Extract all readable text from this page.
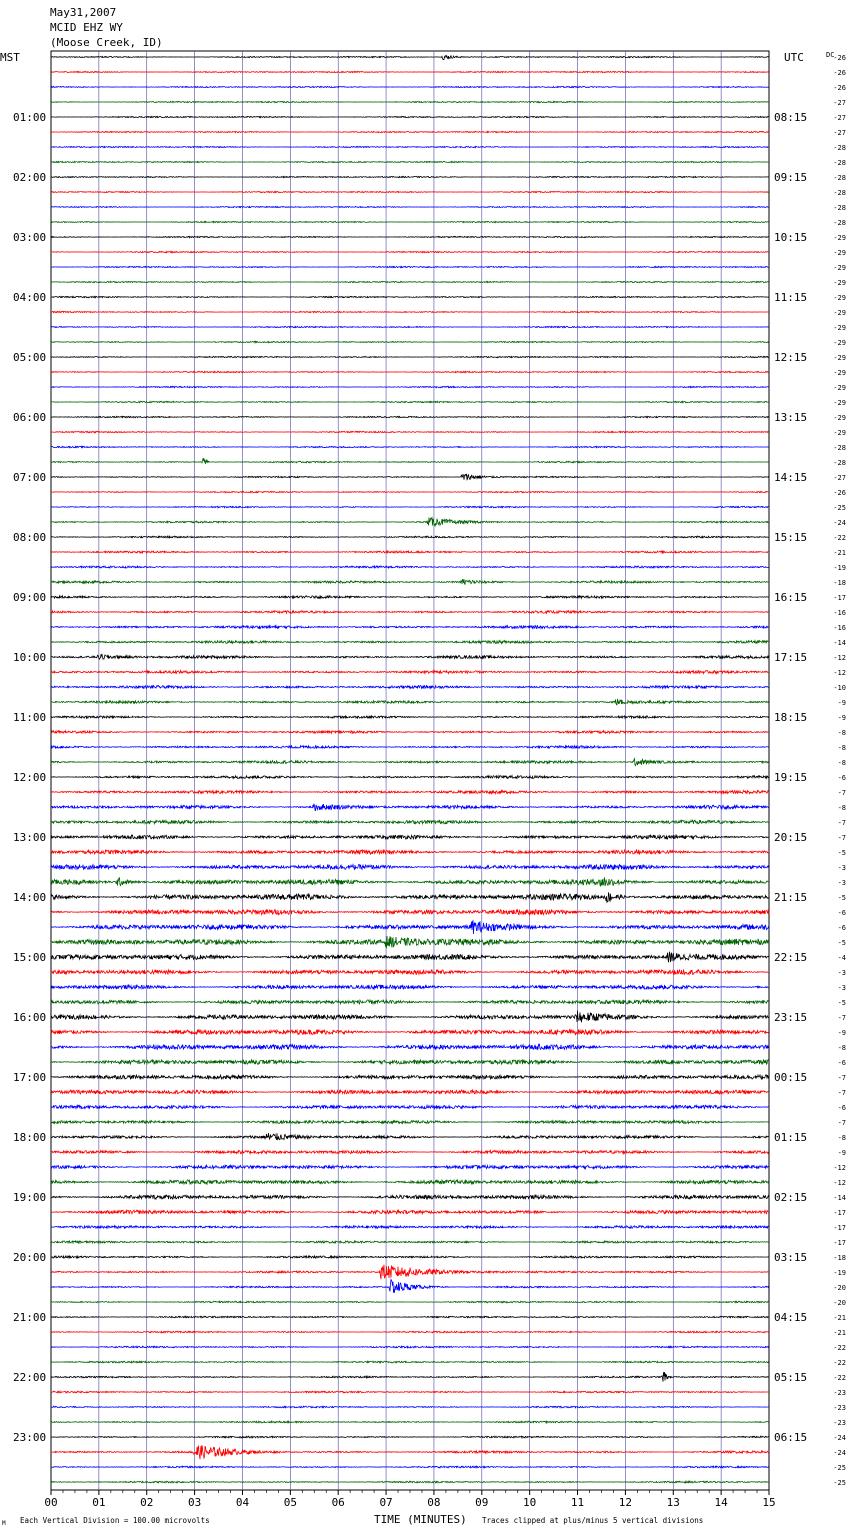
May31,2007
MCID EHZ WY
(Moose Creek, ID)
MST	UTC	DC
01:00
02:00
03:00
04:00
05:00
06:00
07:00
08:00
09:00
10:00
11:00
12:00
13:00
14:00
15:00
16:00
17:00
18:00
19:00
20:00
21:00
22:00
23:00
08:15
09:15
10:15
11:15
12:15
13:15
14:15
15:15
16:15
17:15
18:15
19:15
20:15
21:15
22:15
23:15
00:15
01:15
02:15
03:15
04:15
05:15
06:15
-26
-26
-26
-27
-27
-27
-28
-28
-28
-28
-28
-28
-29
-29
-29
-29
-29
-29
-29
-29
-29
-29
-29
-29
-29
-29
-28
-28
-27
-26
-25
-24
-22
-21
-19
-18
-17
-16
-16
-14
-12
-12
-10
-9
-9
-8
-8
-8
-6
-7
-8
-7
-7
-5
-3
-3
-5
-6
-6
-5
-4
-3
-3
-5
-7
-9
-8
-6
-7
-7
-6
-7
-8
-9
-12
-12
-14
-17
-17
-17
-18
-19
-20
-20
-21
-21
-22
-22
-22
-23
-23
-23
-24
-24
-25
-25
00	01	02	03	04	05	06	07	08	09	10	11	12	13	14	15
TIME (MINUTES)
M Each Vertical Division = 100.00 microvolts	Traces clipped at plus/minus 5 vertical divisions
